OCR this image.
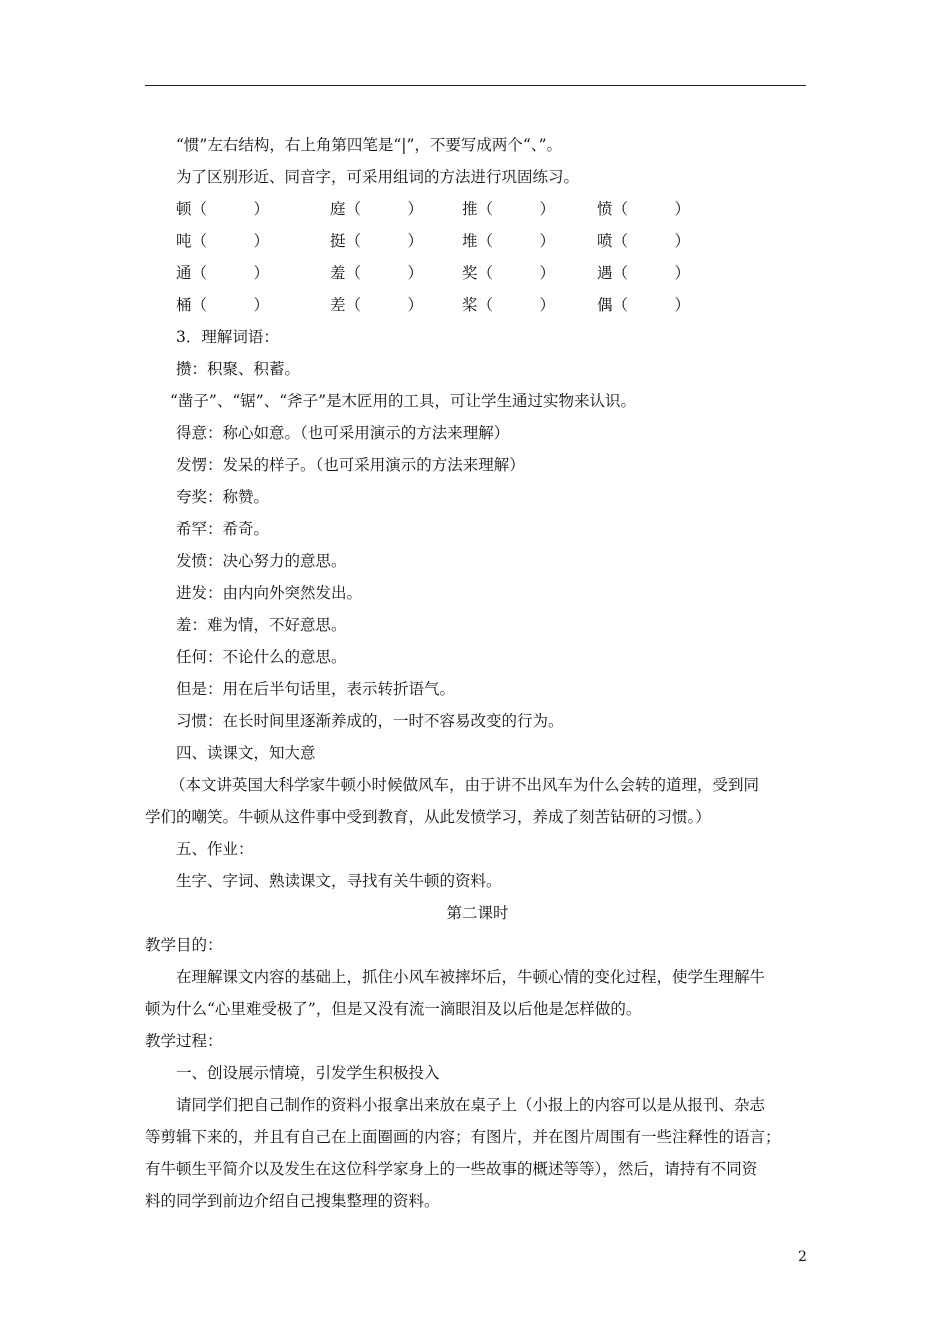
“惯”左右结构，右上角第四笔是“|”，不要写成两个“、”。
为了区别形近、同音字，可采用组词的方法进行巩固练习。
顿（　　　）	庭（　　　）	推（　　　）	愤（　　　）
吨（　　　）	挺（　　　）	堆（　　　）	喷（　　　）
通（　　　）	羞（　　　）	奖（　　　）	遇（　　　）
桶（　　　）	差（　　　）	桨（　　　）	偶（　　　）
3．理解词语：
攒：积聚、积蓄。
“凿子”、“锯”、“斧子”是木匠用的工具，可让学生通过实物来认识。
得意：称心如意。（也可采用演示的方法来理解）
发愣：发呆的样子。（也可采用演示的方法来理解）
夸奖：称赞。
希罕：希奇。
发愤：决心努力的意思。
进发：由内向外突然发出。
羞：难为情，不好意思。
任何：不论什么的意思。
但是：用在后半句话里，表示转折语气。
习惯：在长时间里逐渐养成的，一时不容易改变的行为。
四、读课文，知大意
（本文讲英国大科学家牛顿小时候做风车，由于讲不出风车为什么会转的道理，受到同
学们的嘲笑。牛顿从这件事中受到教育，从此发愤学习，养成了刻苦钻研的习惯。）
五、作业：
生字、字词、熟读课文，寻找有关牛顿的资料。
第二课时
教学目的：
在理解课文内容的基础上，抓住小风车被摔坏后，牛顿心情的变化过程，使学生理解牛
顿为什么“心里难受极了”，但是又没有流一滴眼泪及以后他是怎样做的。
教学过程：
一、创设展示情境，引发学生积极投入
请同学们把自己制作的资料小报拿出来放在桌子上（小报上的内容可以是从报刊、杂志
等剪辑下来的，并且有自己在上面圈画的内容；有图片，并在图片周围有一些注释性的语言；
有牛顿生平简介以及发生在这位科学家身上的一些故事的概述等等），然后，请持有不同资
料的同学到前边介绍自己搜集整理的资料。
2
